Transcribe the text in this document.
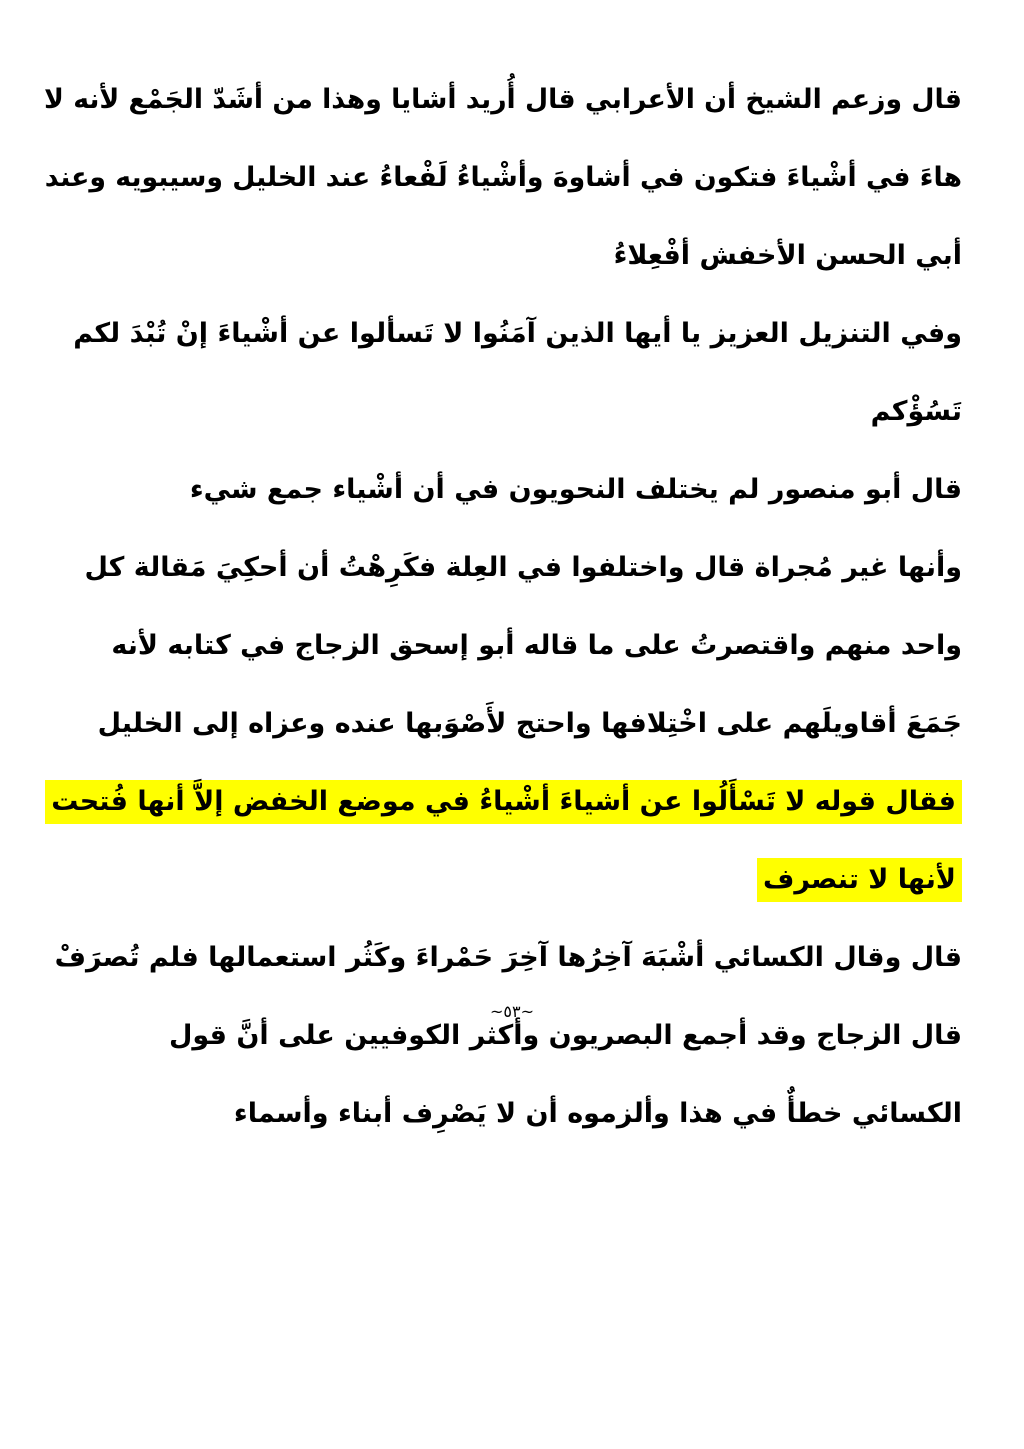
قال وزعم الشيخ أن الأعرابي قال أُريد أشايا وهذا من أشَدّ الجَمْع لأنه لا
هاءَ في أشْياءَ فتكون في أشاوهَ وأشْياءُ لَفْعاءُ عند الخليل وسيبويه وعند
أبي الحسن الأخفش أفْعِلاءُ
وفي التنزيل العزيز يا أيها الذين آمَنُوا لا تَسألوا عن أشْياءَ إنْ تُبْدَ لكم
تَسُؤْكم
قال أبو منصور لم يختلف النحويون في أن أشْياء جمع شيء
وأنها غير مُجراة قال واختلفوا في العِلة فكَرِهْتُ أن أحكِيَ مَقالة كل
واحد منهم واقتصرتُ على ما قاله أبو إسحق الزجاج في كتابه لأنه
جَمَعَ أقاويلَهم على اخْتِلافها واحتج لأَصْوَبها عنده وعزاه إلى الخليل
فقال قوله لا تَسْأَلُوا عن أشياءَ أشْياءُ في موضع الخفض إلاَّ أنها فُتحت
لأنها لا تنصرف
قال وقال الكسائي أشْبَهَ آخِرُها آخِرَ حَمْراءَ وكَثُر استعمالها فلم تُصرَفْ
قال الزجاج وقد أجمع البصريون وأكثر الكوفيين على أنَّ قول
الكسائي خطأٌ في هذا وألزموه أن لا يَصْرِف أبناء وأسماء
~٥٣~
